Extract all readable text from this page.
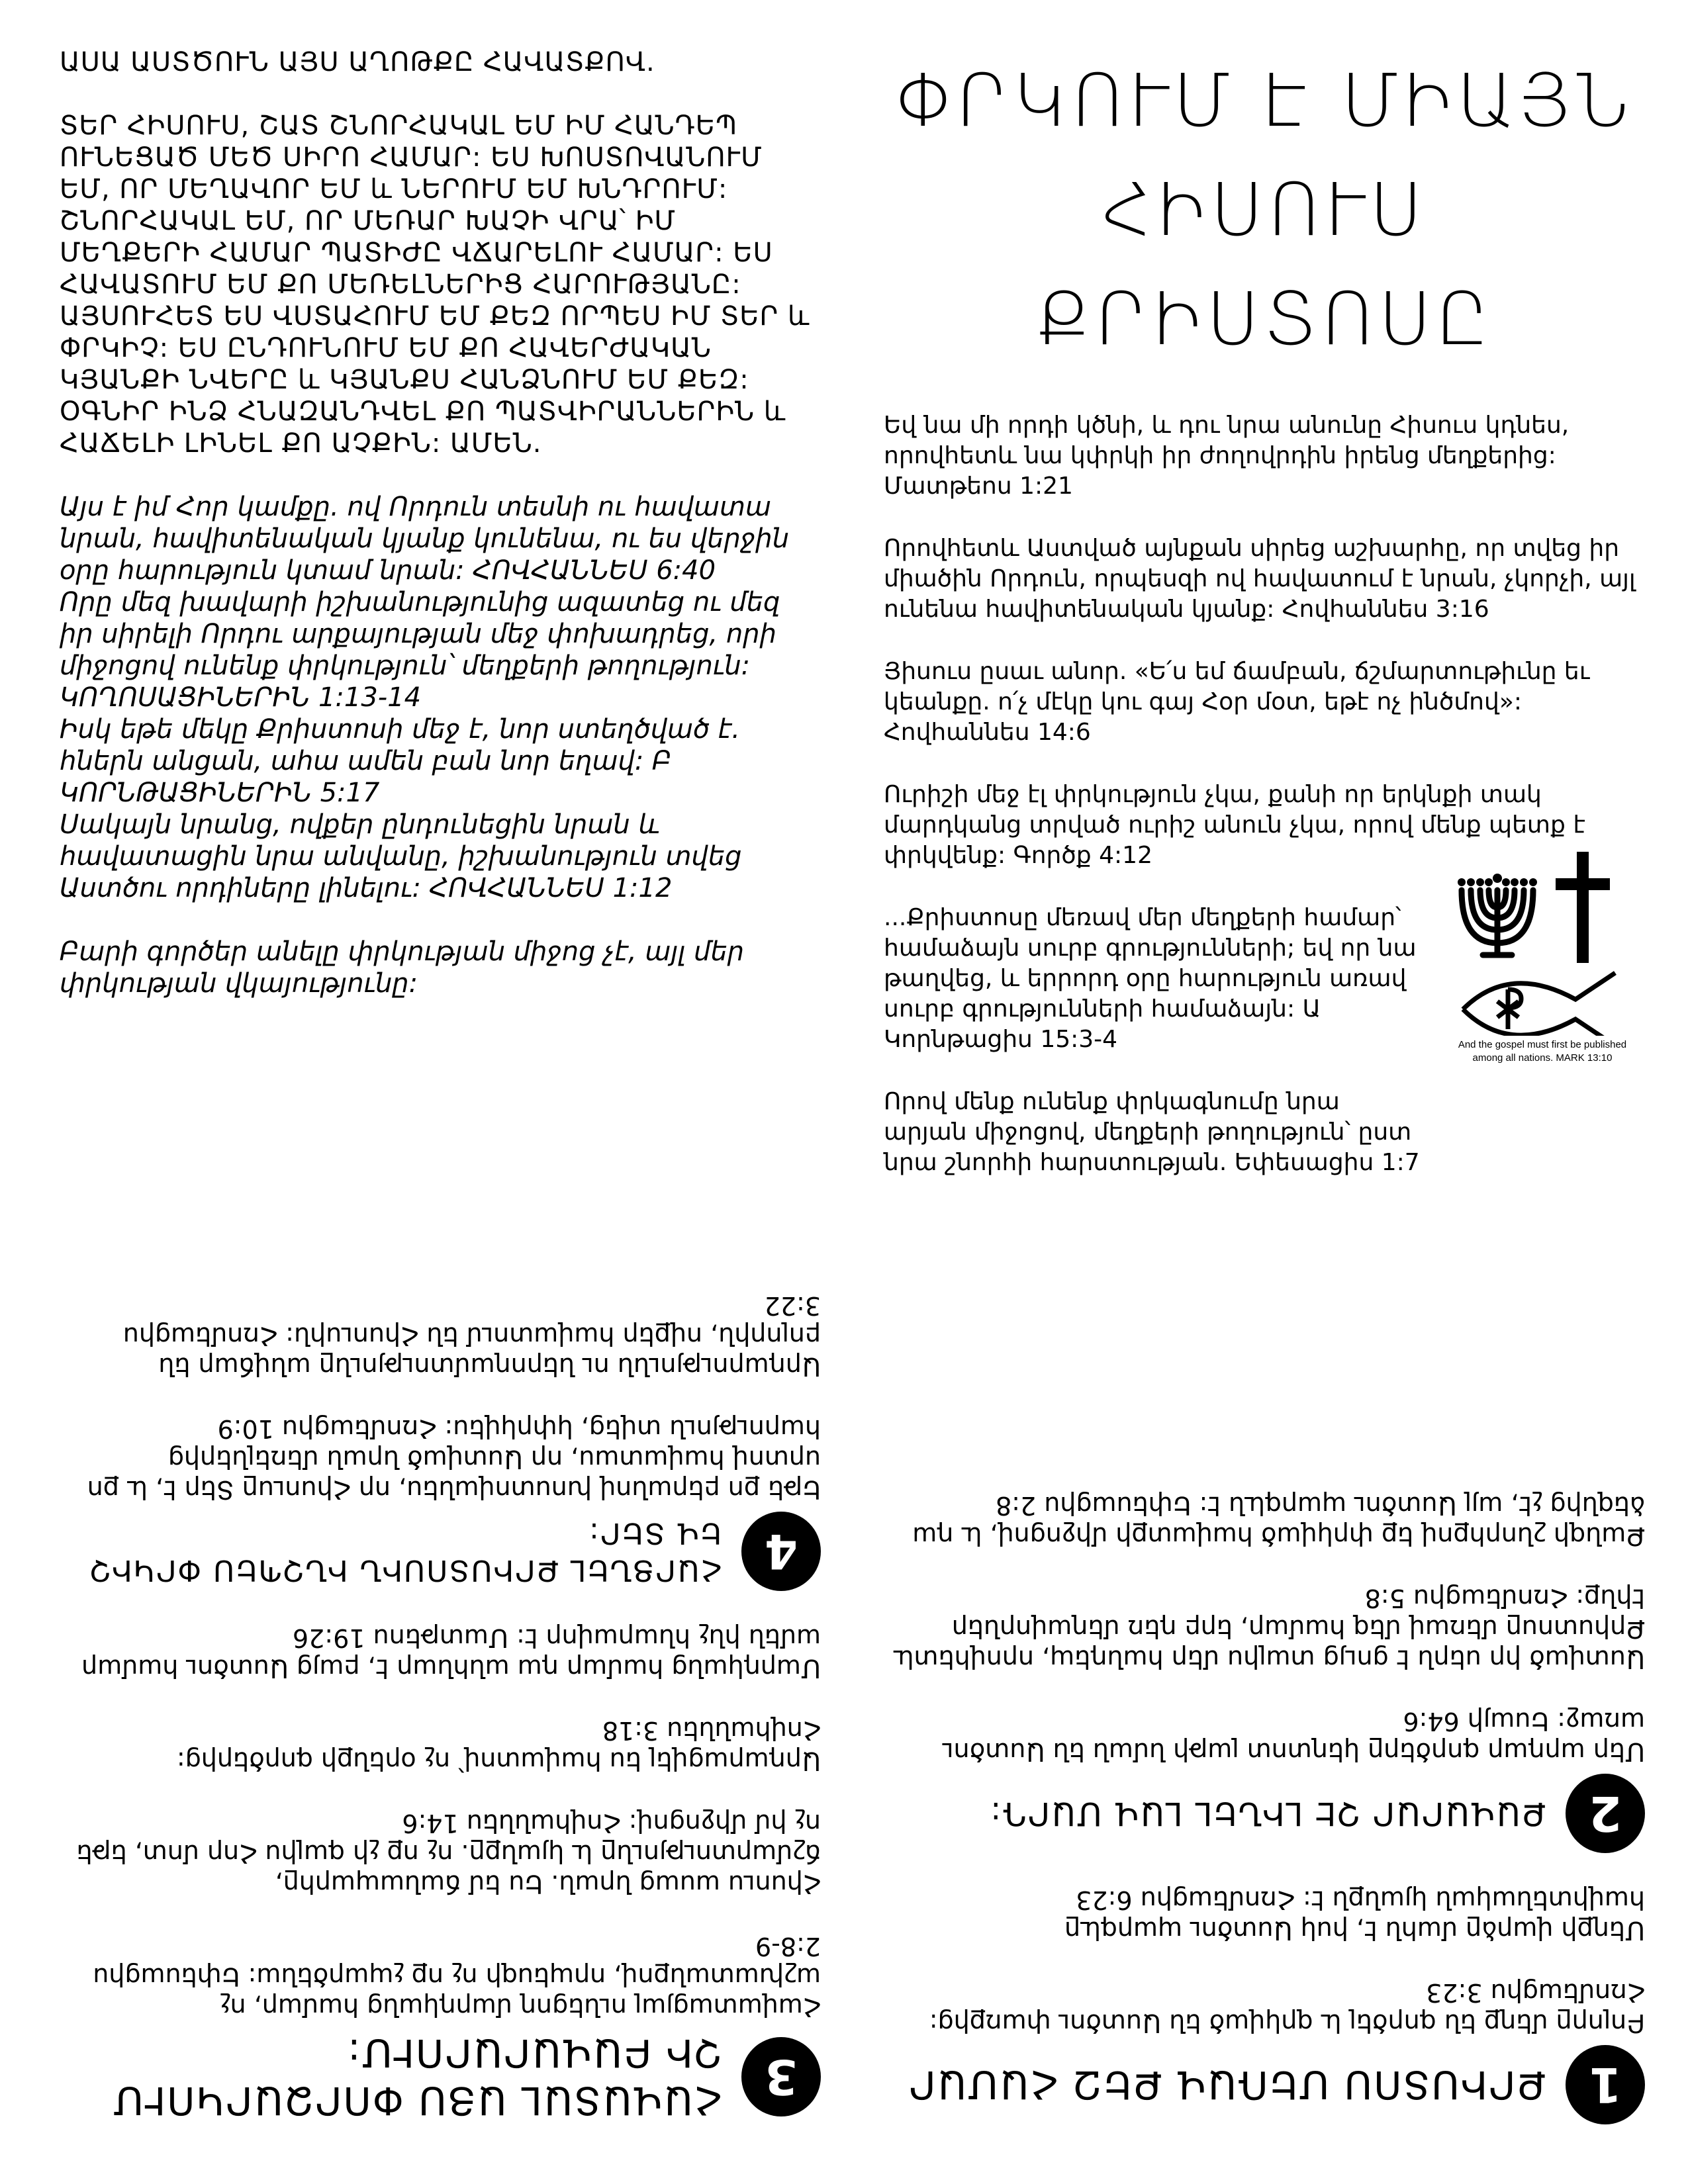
ԱՍԱ ԱՍՏԾՈՒՆ ԱՅՍ ԱՂՈԹՔԸ ՀԱՎԱՏՔՈՎ.
ՏԵՐ ՀԻՍՈՒՍ, ՇԱՏ ՇՆՈՐՀԱԿԱԼ ԵՄ ԻՄ ՀԱՆԴԵՊ ՈՒՆԵՑԱԾ ՄԵԾ ՍԻՐՈ ՀԱՄԱՐ: ԵՍ ԽՈՍՏՈՎԱՆՈՒՄ ԵՄ, ՈՐ ՄԵՂԱՎՈՐ ԵՄ և ՆԵՐՈՒՄ ԵՄ ԽՆԴՐՈՒՄ: ՇՆՈՐՀԱԿԱԼ ԵՄ, ՈՐ ՄԵՌԱՐ ԽԱՉԻ ՎՐԱ՝ ԻՄ ՄԵՂՔԵՐԻ ՀԱՄԱՐ ՊԱՏԻԺԸ ՎՃԱՐԵԼՈՒ ՀԱՄԱՐ: ԵՍ ՀԱՎԱՏՈՒՄ ԵՄ ՔՈ ՄԵՌԵԼՆԵՐԻՑ ՀԱՐՈՒԹՅԱՆԸ: ԱՅՍՈՒՀԵՏ ԵՍ ՎՍՏԱՀՈՒՄ ԵՄ ՔԵԶ ՈՐՊԵՍ ԻՄ ՏԵՐ և ՓՐԿԻՉ: ԵՍ ԸՆԴՈՒՆՈՒՄ ԵՄ ՔՈ ՀԱՎԵՐԺԱԿԱՆ ԿՅԱՆՔԻ ՆՎԵՐԸ և ԿՅԱՆՔՍ ՀԱՆՁՆՈՒՄ ԵՄ ՔԵԶ: ՕԳՆԻՐ ԻՆՁ ՀՆԱԶԱՆԴՎԵԼ ՔՈ ՊԱՏՎԻՐԱՆՆԵՐԻՆ և ՀԱՃԵԼԻ ԼԻՆԵԼ ՔՈ ԱՉՔԻՆ: ԱՄԵՆ.
Այս է իմ Հոր կամքը. ով Որդուն տեսնի ու հավատա նրան, հավիտենական կյանք կունենա, ու ես վերջին օրը հարություն կտամ նրան: ՀՈՎՀԱՆՆԵՍ 6:40
Որը մեզ խավարի իշխանությունից ազատեց ու մեզ իր սիրելի Որդու արքայության մեջ փոխադրեց, որի միջոցով ունենք փրկություն՝ մեղքերի թողություն: ԿՈՂՈՍԱՑԻՆԵՐԻՆ 1:13-14
Իսկ եթե մեկը Քրիստոսի մեջ է, նոր ստեղծված է. հներն անցան, ահա ամեն բան նոր եղավ: Բ ԿՈՐՆԹԱՑԻՆԵՐԻՆ 5:17
Սակայն նրանց, ովքեր ընդունեցին նրան և հավատացին նրա անվանը, իշխանություն տվեց Աստծու որդիները լինելու: ՀՈՎՀԱՆՆԵՍ 1:12
Բարի գործեր անելը փրկության միջոց չէ, այլ մեր փրկության վկայությունը:
ՓՐԿՈՒՄ Է ՄԻԱՅՆ
ՀԻՍՈՒՍ ՔՐԻՍՏՈՍԸ
Եվ նա մի որդի կծնի, և դու նրա անունը Հիսուս կդնես, որովհետև նա կփրկի իր ժողովրդին իրենց մեղքերից: Մատթեոս 1:21
Որովհետև Աստված այնքան սիրեց աշխարհը, որ տվեց իր միածին Որդուն, որպեսզի ով հավատում է նրան, չկորչի, այլ ունենա հավիտենական կյանք: Հովհաննես 3:16
Յիսուս ըսաւ անոր. «Ե՛ս եմ ճամբան, ճշմարտութիւնը եւ կեանքը. ո՛չ մէկը կու գայ Հօր մօտ, եթէ ոչ ինծմով»: Հովհաննես 14:6
Ուրիշի մեջ էլ փրկություն չկա, քանի որ երկնքի տակ մարդկանց տրված ուրիշ անուն չկա, որով մենք պետք է փրկվենք: Գործք 4:12
...Քրիստոսը մեռավ մեր մեղքերի համար՝ համաձայն սուրբ գրությունների; եվ որ նա թաղվեց, և երրորդ օրը հարություն առավ սուրբ գրությունների համաձայն: Ա Կորնթացիս 15:3-4
Որով մենք ունենք փրկագնումը նրա արյան միջոցով, մեղքերի թողություն՝ ըստ նրա շնորհի հարստության. Եփեսացիս 1:7
And the gospel must first be published among all nations. MARK 13:10
3
ՀԱՎԱՏԱԼ ԱՅՍ ՓՈՐՁԱՐԿՈՒՄ ՉԻ ԲԱՎԱՐԱՐՈՒՄ:
Հավատացյալ ունեցող մարդկանց համար, ոչ աշխատանքով, որպեսզի ոչ ոք չպարծենա: Եփեսացիս 2:8-9
Հիսուս ասաց նրան. Ես եմ ճանապարհը, ճշմարտությունը և կյանքը. ոչ ոք չի գալիս Հոր մոտ, եթե ոչ իմ միջոցով: Հովհաննես 14:6
Արդարացվել ես հավատով՝ ոչ օրենքի գործերից: Հովհաննես 3:18
Մարդկանց համար դա անհնար է, բայց Աստծու համար ամեն ինչ հնարավոր է: Մատթեոս 19:26
4
ՀԱՐՑՆԵԼ ՔՐԻՍՏՈՍԻՆ ԻՆՉՊԵՍ ՓՐԿԻՉ ԵՎ ՏԵՐ:
Եթե քո բերանով խոստովանես, որ Հիսուսը Տեր է, և քո սրտով հավատաս, որ Աստված նրան մեռելներից հարություն տվեց, կփրկվես: Հռոմեացիս 10:9
Արդարությունն ու ներողամտությունը անվճար են բոլորին, ովքեր հավատում են Հիսուսին: Հռոմեացիս 3:22
1
ՔՐԻՍՏՈՍ ՄԵՌԱՎ ՔԵԶ ՀԱՄԱՐ
Բոլորը մեղք են գործել և զրկված են Աստծու փառքից: Հռոմեացիս 3:23
Մեղքի վարձը մահն է, իսկ Աստծու պարգևը հավիտենական կյանքն է: Հռոմեացիս 6:23
2
ՔԱՎԱՐԱՐ ՉԷ ԼԻՆԵԼ ԼԱՎ ՄԱՐԴ:
Մեր արդար գործերը կեղտոտ լաթի նման են Աստծու առաջ: Եսայի 64:6
Աստված իր սերն է ցույց տալիս մեր հանդեպ, որովհետև Քրիստոսը մեռավ մեզ համար, երբ դեռ մեղավորներ էինք: Հռոմեացիս 5:8
Քանզի շնորհքով եք փրկված հավատքի միջոցով, և դա ձեզնից չէ, այլ Աստծու պարգևն է: Եփեսացիս 2:8
